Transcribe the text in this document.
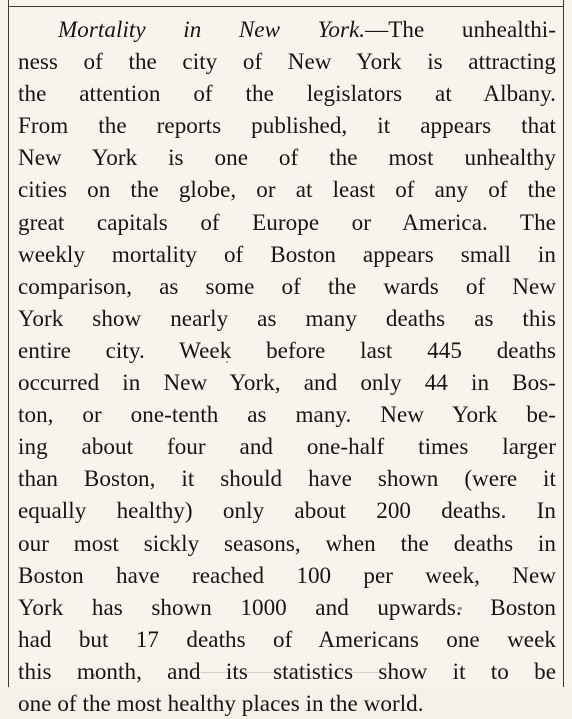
Mortality in New York.—The unhealthi-
ness of the city of New York is attracting
the attention of the legislators at Albany.
From the reports published, it appears that
New York is one of the most unhealthy
cities on the globe, or at least of any of the
great capitals of Europe or America. The
weekly mortality of Boston appears small in
comparison, as some of the wards of New
York show nearly as many deaths as this
entire city. Week before last 445 deaths
occurred in New York, and only 44 in Bos-
ton, or one-tenth as many. New York be-
ing about four and one-half times larger
than Boston, it should have shown (were it
equally healthy) only about 200 deaths. In
our most sickly seasons, when the deaths in
Boston have reached 100 per week, New
York has shown 1000 and upwards. Boston
had but 17 deaths of Americans one week
this month, and its statistics show it to be
one of the most healthy places in the world.
